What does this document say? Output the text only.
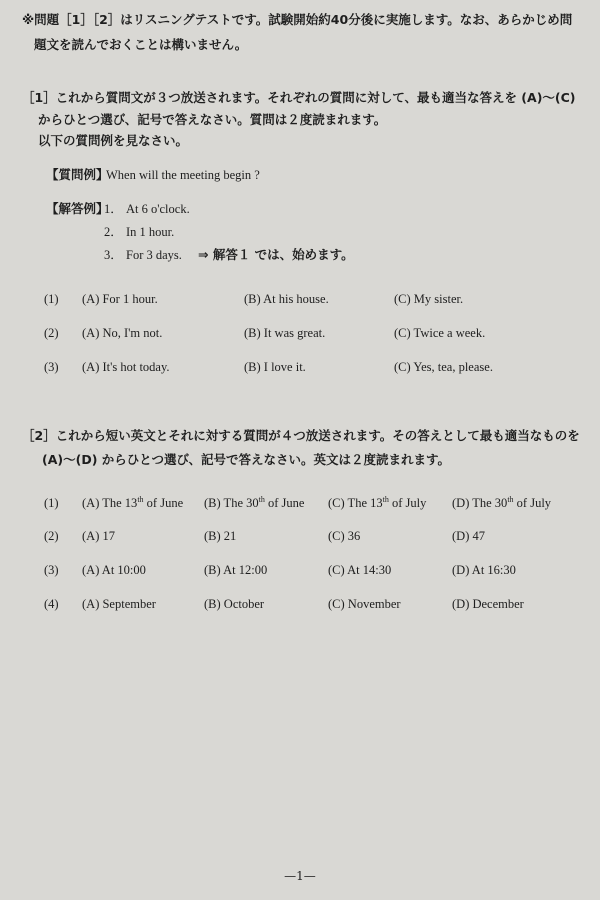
※問題［1］［2］はリスニングテストです。試験開始約40分後に実施します。なお、あらかじめ問
題文を読んでおくことは構いません。
［1］これから質問文が３つ放送されます。それぞれの質問に対して、最も適当な答えを (A)～(C)
からひとつ選び、記号で答えなさい。質問は２度読まれます。
以下の質問例を見なさい。
【質問例】
When will the meeting begin ?
【解答例】
1． At 6 o'clock.
2． In 1 hour.
3． For 3 days. ⇒ 解答１ では、始めます。
(1) (A) For 1 hour.	(B) At his house.	(C) My sister.
(2) (A) No, I'm not.	(B) It was great.	(C) Twice a week.
(3) (A) It's hot today.	(B) I love it.	(C) Yes, tea, please.
［2］これから短い英文とそれに対する質問が４つ放送されます。その答えとして最も適当なものを
(A)～(D) からひとつ選び、記号で答えなさい。英文は２度読まれます。
(1) (A) The 13th of June (B) The 30th of June (C) The 13th of July (D) The 30th of July
(2) (A) 17	(B) 21	(C) 36	(D) 47
(3) (A) At 10:00	(B) At 12:00	(C) At 14:30	(D) At 16:30
(4) (A) September	(B) October	(C) November	(D) December
—1—
